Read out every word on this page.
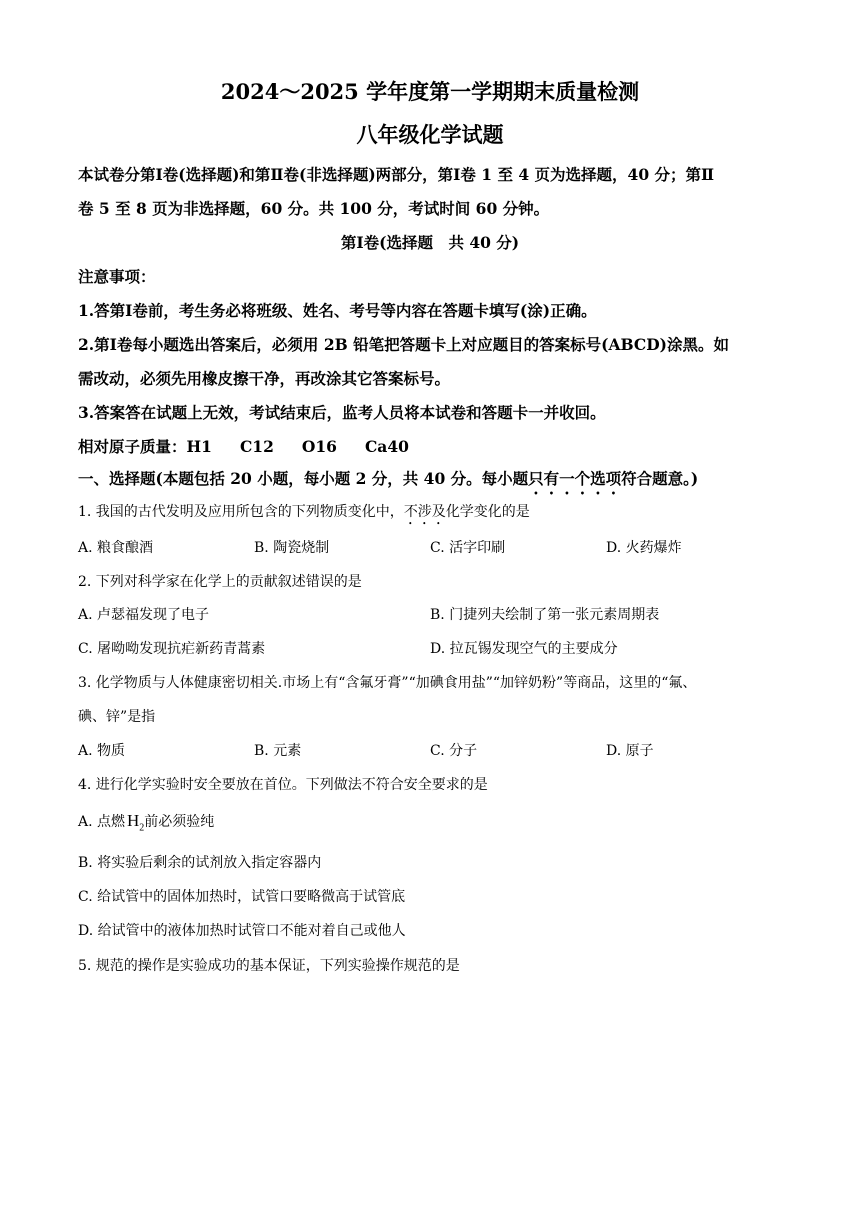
2024～2025 学年度第一学期期末质量检测
八年级化学试题
本试卷分第Ⅰ卷(选择题)和第Ⅱ卷(非选择题)两部分，第Ⅰ卷 1 至 4 页为选择题，40 分；第Ⅱ
卷 5 至 8 页为非选择题，60 分。共 100 分，考试时间 60 分钟。
第Ⅰ卷(选择题　共 40 分)
注意事项：
1.答第Ⅰ卷前，考生务必将班级、姓名、考号等内容在答题卡填写(涂)正确。
2.第Ⅰ卷每小题选出答案后，必须用 2B 铅笔把答题卡上对应题目的答案标号(ABCD)涂黑。如
需改动，必须先用橡皮擦干净，再改涂其它答案标号。
3.答案答在试题上无效，考试结束后，监考人员将本试卷和答题卡一并收回。
相对原子质量：H1 C12 O16 Ca40
一、选择题(本题包括 20 小题，每小题 2 分，共 40 分。每小题只有一个选项符合题意。)
1. 我国的古代发明及应用所包含的下列物质变化中，不涉及化学变化的是
A. 粮食酿酒	B. 陶瓷烧制	C. 活字印刷	D. 火药爆炸
2. 下列对科学家在化学上的贡献叙述错误的是
A. 卢瑟福发现了电子	B. 门捷列夫绘制了第一张元素周期表
C. 屠呦呦发现抗疟新药青蒿素	D. 拉瓦锡发现空气的主要成分
3. 化学物质与人体健康密切相关.市场上有“含氟牙膏”“加碘食用盐”“加锌奶粉”等商品，这里的“氟、
碘、锌”是指
A. 物质	B. 元素	C. 分子	D. 原子
4. 进行化学实验时安全要放在首位。下列做法不符合安全要求的是
A. 点燃 $H_2$前必须验纯
B. 将实验后剩余的试剂放入指定容器内
C. 给试管中的固体加热时，试管口要略微高于试管底
D. 给试管中的液体加热时试管口不能对着自己或他人
5. 规范的操作是实验成功的基本保证，下列实验操作规范的是
